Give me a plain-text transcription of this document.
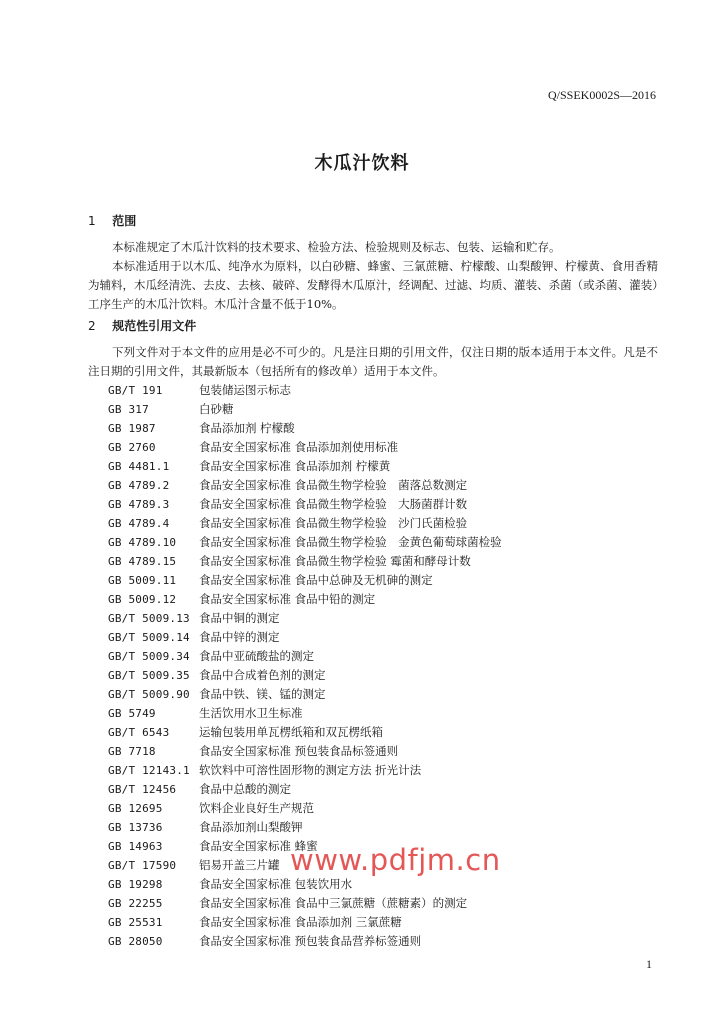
Q/SSEK0002S—2016
木瓜汁饮料
1 范围

本标准规定了木瓜汁饮料的技术要求、检验方法、检验规则及标志、包装、运输和贮存。

本标准适用于以木瓜、纯净水为原料，以白砂糖、蜂蜜、三氯蔗糖、柠檬酸、山梨酸钾、柠檬黄、食用香精为辅料，木瓜经清洗、去皮、去核、破碎、发酵得木瓜原汁，经调配、过滤、均质、灌装、杀菌（或杀菌、灌装）工序生产的木瓜汁饮料。木瓜汁含量不低于10%。

2 规范性引用文件

下列文件对于本文件的应用是必不可少的。凡是注日期的引用文件，仅注日期的版本适用于本文件。凡是不注日期的引用文件，其最新版本（包括所有的修改单）适用于本文件。

GB/T 191	包装储运图示标志
GB 317	白砂糖
GB 1987	食品添加剂 柠檬酸
GB 2760	食品安全国家标准 食品添加剂使用标准
GB 4481.1	食品安全国家标准 食品添加剂 柠檬黄
GB 4789.2	食品安全国家标准 食品微生物学检验　菌落总数测定
GB 4789.3	食品安全国家标准 食品微生物学检验　大肠菌群计数
GB 4789.4	食品安全国家标准 食品微生物学检验　沙门氏菌检验
GB 4789.10 食品安全国家标准 食品微生物学检验　金黄色葡萄球菌检验
GB 4789.15 食品安全国家标准 食品微生物学检验 霉菌和酵母计数
GB 5009.11 食品安全国家标准 食品中总砷及无机砷的测定
GB 5009.12 食品安全国家标准 食品中铅的测定
GB/T 5009.13 食品中铜的测定
GB/T 5009.14 食品中锌的测定
GB/T 5009.34 食品中亚硫酸盐的测定
GB/T 5009.35 食品中合成着色剂的测定
GB/T 5009.90 食品中铁、镁、锰的测定
GB 5749	生活饮用水卫生标准
GB/T 6543	运输包装用单瓦楞纸箱和双瓦楞纸箱
GB 7718	食品安全国家标准 预包装食品标签通则
GB/T 12143.1 软饮料中可溶性固形物的测定方法 折光计法
GB/T 12456 食品中总酸的测定
GB 12695	饮料企业良好生产规范
GB 13736	食品添加剂山梨酸钾
GB 14963	食品安全国家标准 蜂蜜
GB/T 17590 铝易开盖三片罐
GB 19298	食品安全国家标准 包装饮用水
GB 22255	食品安全国家标准 食品中三氯蔗糖（蔗糖素）的测定
GB 25531	食品安全国家标准 食品添加剂 三氯蔗糖
GB 28050	食品安全国家标准 预包装食品营养标签通则
www.pdfjm.cn
1
